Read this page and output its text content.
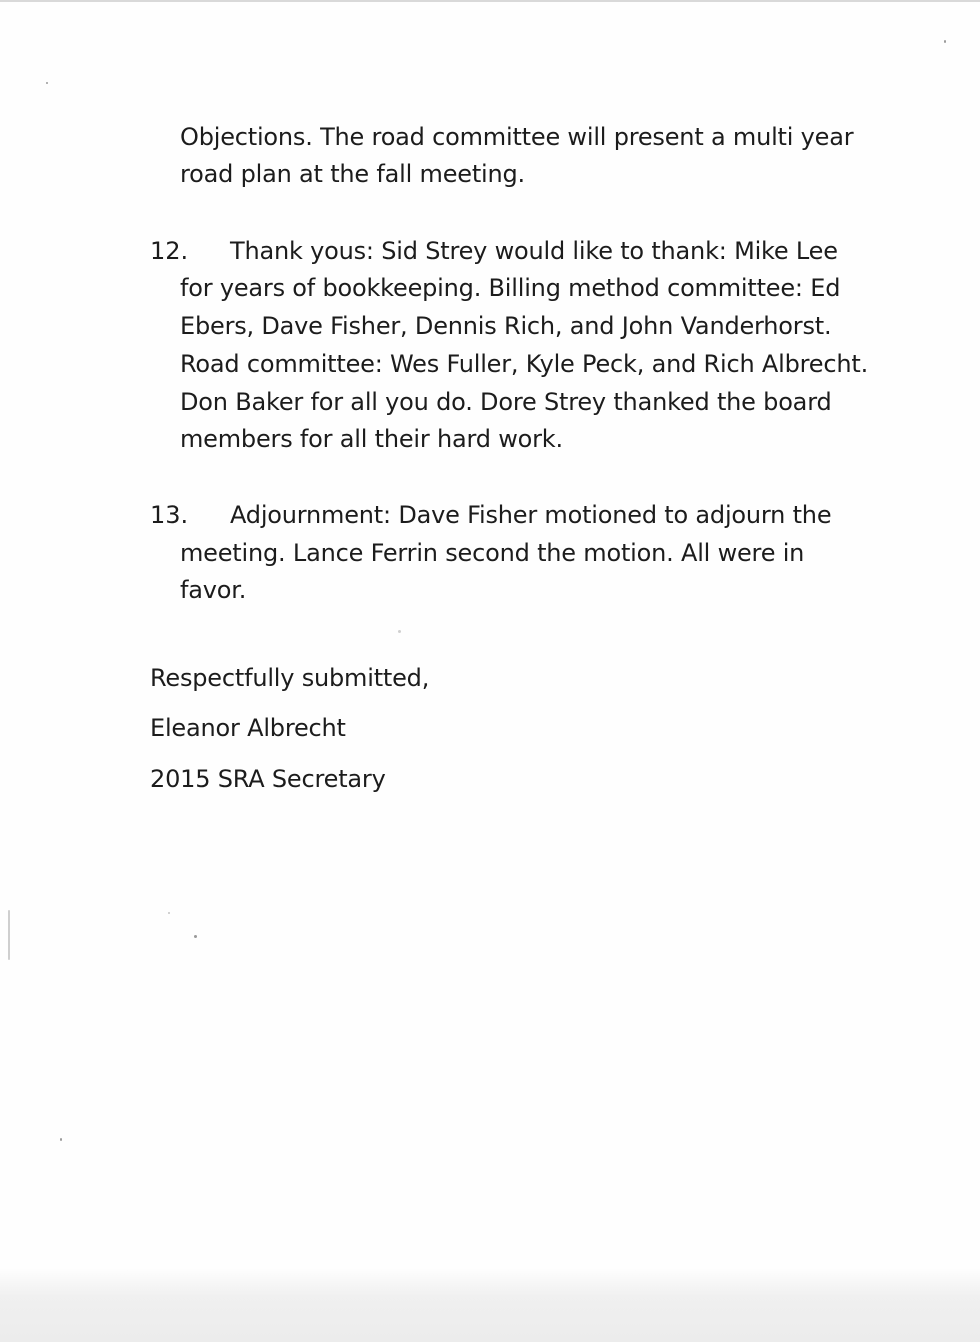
Objections. The road committee will present a multi year
road plan at the fall meeting.
12. Thank yous: Sid Strey would like to thank: Mike Lee
for years of bookkeeping. Billing method committee: Ed
Ebers, Dave Fisher, Dennis Rich, and John Vanderhorst.
Road committee: Wes Fuller, Kyle Peck, and Rich Albrecht.
Don Baker for all you do. Dore Strey thanked the board
members for all their hard work.
13. Adjournment: Dave Fisher motioned to adjourn the
meeting. Lance Ferrin second the motion. All were in
favor.
Respectfully submitted,
Eleanor Albrecht
2015 SRA Secretary
